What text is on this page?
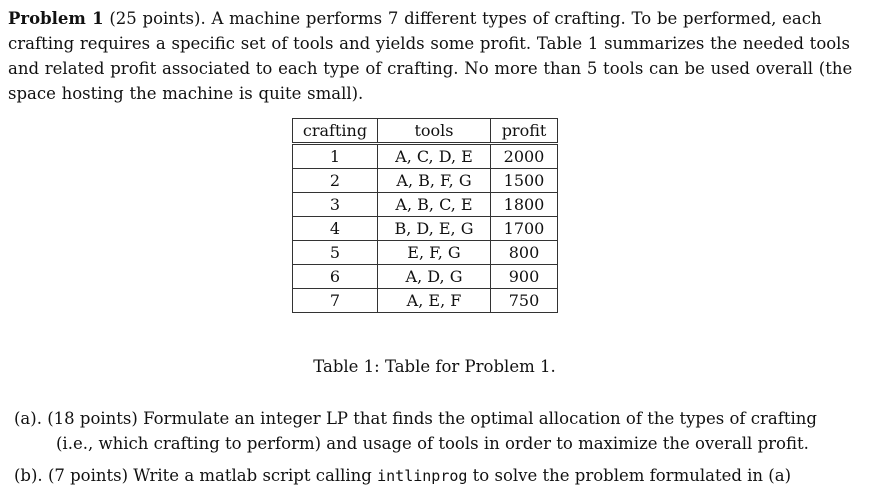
Problem 1 (25 points). A machine performs 7 different types of crafting. To be performed, each crafting requires a specific set of tools and yields some profit. Table 1 summarizes the needed tools and related profit associated to each type of crafting. No more than 5 tools can be used overall (the space hosting the machine is quite small).
crafting	tools	profit
1	A, C, D, E	2000
2	A, B, F, G	1500
3	A, B, C, E	1800
4	B, D, E, G	1700
5	E, F, G	800
6	A, D, G	900
7	A, E, F	750
Table 1: Table for Problem 1.
(a). (18 points) Formulate an integer LP that finds the optimal allocation of the types of crafting (i.e., which crafting to perform) and usage of tools in order to maximize the overall profit.
(b). (7 points) Write a matlab script calling intlinprog to solve the problem formulated in (a)
